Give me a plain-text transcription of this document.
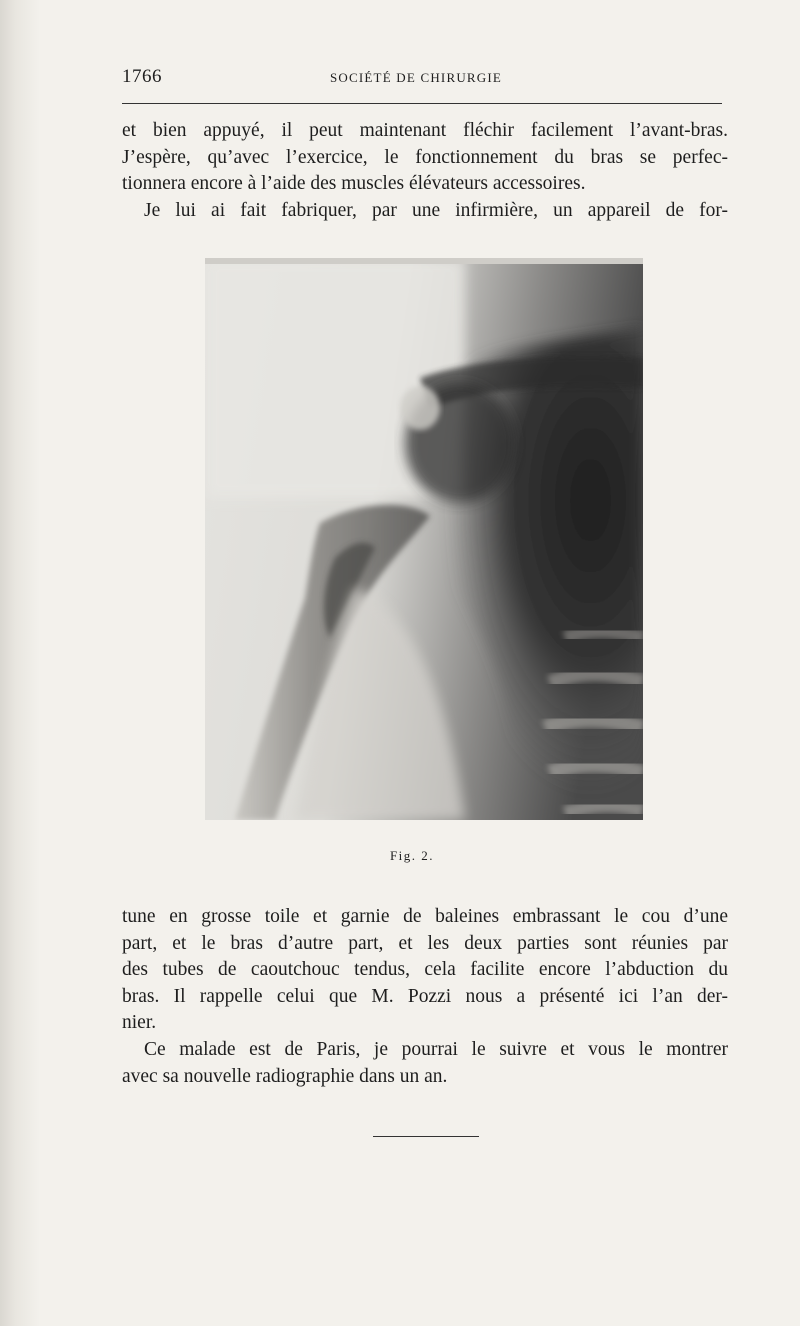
1766	SOCIÉTÉ DE CHIRURGIE
et bien appuyé, il peut maintenant fléchir facilement l’avant-bras.
J’espère, qu’avec l’exercice, le fonctionnement du bras se perfec-
tionnera encore à l’aide des muscles élévateurs accessoires.
Je lui ai fait fabriquer, par une infirmière, un appareil de for-
Fig. 2.
tune en grosse toile et garnie de baleines embrassant le cou d’une
part, et le bras d’autre part, et les deux parties sont réunies par
des tubes de caoutchouc tendus, cela facilite encore l’abduction du
bras. Il rappelle celui que M. Pozzi nous a présenté ici l’an der-
nier.
Ce malade est de Paris, je pourrai le suivre et vous le montrer
avec sa nouvelle radiographie dans un an.
